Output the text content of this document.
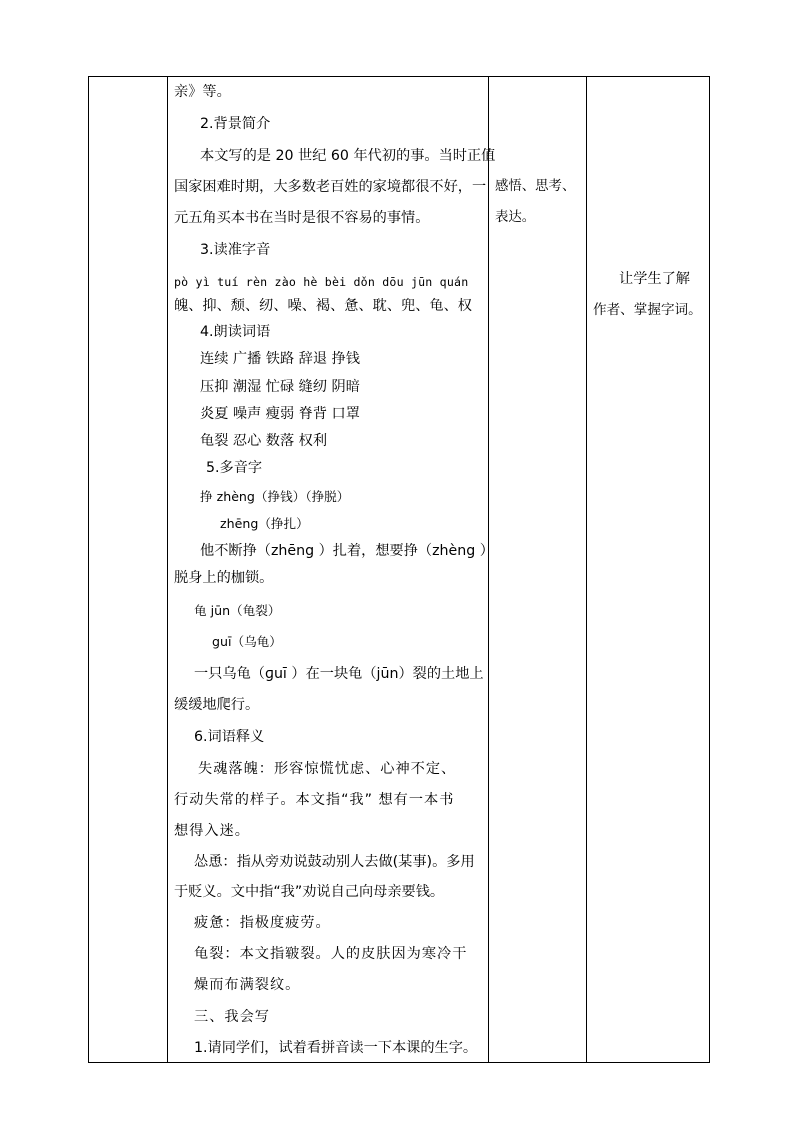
亲》等。
2.背景简介
本文写的是 20 世纪 60 年代初的事。当时正值
国家困难时期，大多数老百姓的家境都很不好，一
元五角买本书在当时是很不容易的事情。
3.读准字音
pò yì tuí rèn zào hè bèi dǒn dōu jūn quán
魄、抑、颓、纫、噪、褐、惫、耽、兜、龟、权
4.朗读词语
连续 广播 铁路 辞退 挣钱
压抑 潮湿 忙碌 缝纫 阴暗
炎夏 噪声 瘦弱 脊背 口罩
龟裂 忍心 数落 权利
5.多音字
挣 zhèng（挣钱）（挣脱）
zhēng（挣扎）
他不断挣（zhēng ）扎着，想要挣（zhèng ）
脱身上的枷锁。
龟 jūn（龟裂）
guī（乌龟）
一只乌龟（ɡuī ）在一块龟（jūn）裂的土地上
缓缓地爬行。
6.词语释义
失魂落魄：形容惊慌忧虑、心神不定、
行动失常的样子。本文指“我” 想有一本书
想得入迷。
怂恿：指从旁劝说鼓动别人去做(某事)。多用
于贬义。文中指“我”劝说自己向母亲要钱。
疲惫：指极度疲劳。
龟裂：本文指皲裂。人的皮肤因为寒冷干
燥而布满裂纹。
三、我会写
1.请同学们，试着看拼音读一下本课的生字。

感悟、思考、
表达。

让学生了解
作者、掌握字词。
